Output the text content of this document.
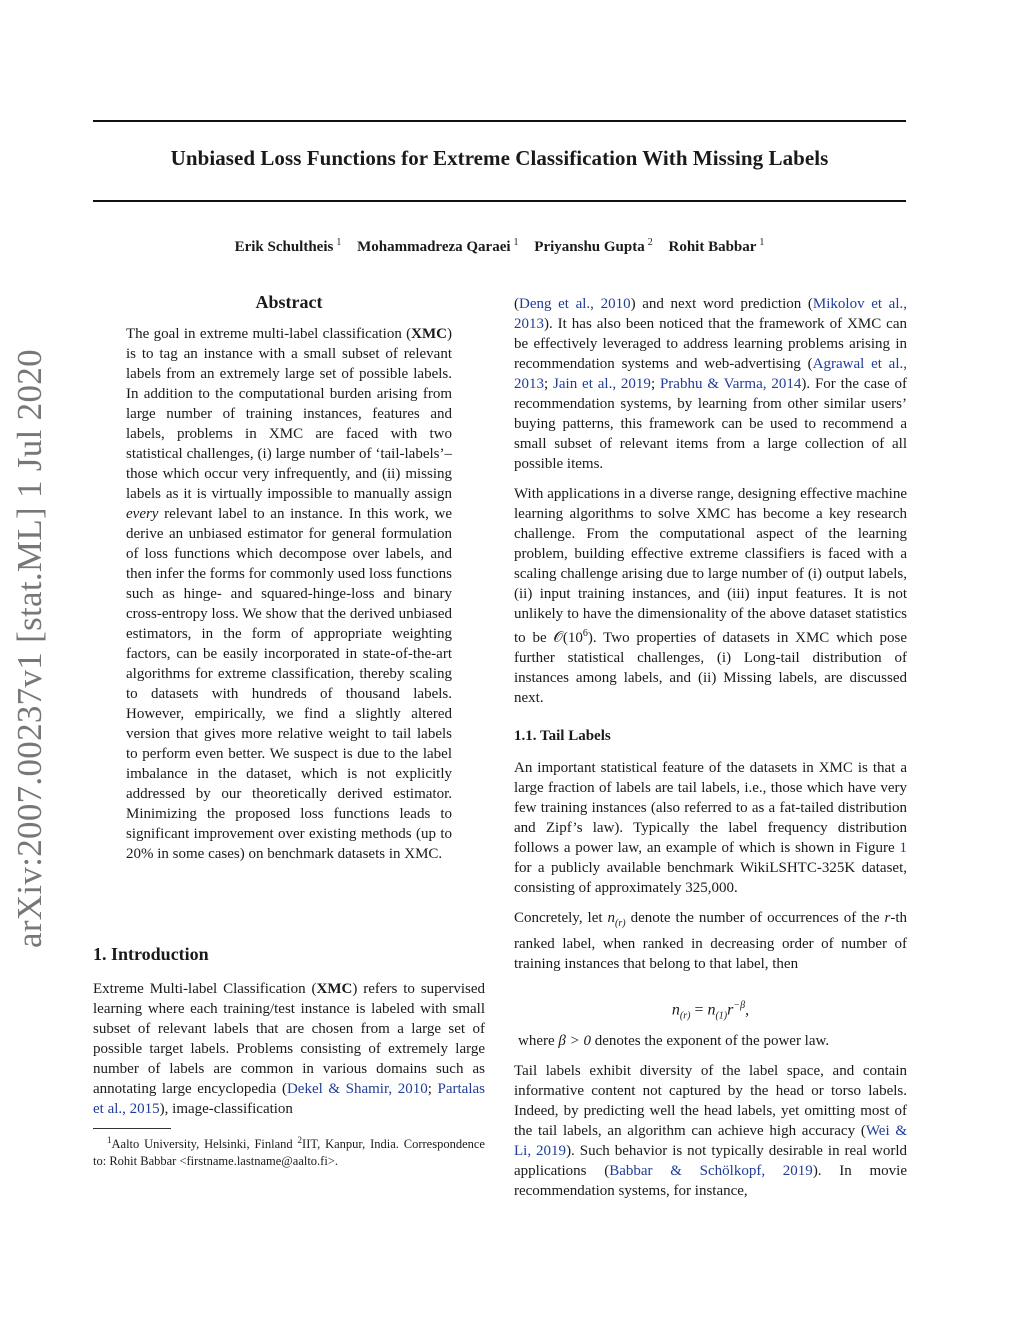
arXiv:2007.00237v1 [stat.ML] 1 Jul 2020
Unbiased Loss Functions for Extreme Classification With Missing Labels
Erik Schultheis $^1$ Mohammadreza Qaraei $^1$ Priyanshu Gupta $^2$ Rohit Babbar $^1$
Abstract

The goal in extreme multi-label classification (XMC) is to tag an instance with a small subset of relevant labels from an extremely large set of possible labels. In addition to the computational burden arising from large number of training instances, features and labels, problems in XMC are faced with two statistical challenges, (i) large number of ‘tail-labels’– those which occur very infrequently, and (ii) missing labels as it is virtually impossible to manually assign every relevant label to an instance. In this work, we derive an unbiased estimator for general formulation of loss functions which decompose over labels, and then infer the forms for commonly used loss functions such as hinge- and squared-hinge-loss and binary cross-entropy loss. We show that the derived unbiased estimators, in the form of appropriate weighting factors, can be easily incorporated in state-of-the-art algorithms for extreme classification, thereby scaling to datasets with hundreds of thousand labels. However, empirically, we find a slightly altered version that gives more relative weight to tail labels to perform even better. We suspect is due to the label imbalance in the dataset, which is not explicitly addressed by our theoretically derived estimator. Minimizing the proposed loss functions leads to significant improvement over existing methods (up to 20% in some cases) on benchmark datasets in XMC.

1. Introduction

Extreme Multi-label Classification (XMC) refers to supervised learning where each training/test instance is labeled with small subset of relevant labels that are chosen from a large set of possible target labels. Problems consisting of extremely large number of labels are common in various domains such as annotating large encyclopedia (Dekel & Shamir, 2010; Partalas et al., 2015), image-classification

$^1$Aalto University, Helsinki, Finland $^2$IIT, Kanpur, India. Correspondence to: Rohit Babbar <firstname.lastname@aalto.fi>.

(Deng et al., 2010) and next word prediction (Mikolov et al., 2013). It has also been noticed that the framework of XMC can be effectively leveraged to address learning problems arising in recommendation systems and web-advertising (Agrawal et al., 2013; Jain et al., 2019; Prabhu & Varma, 2014). For the case of recommendation systems, by learning from other similar users’ buying patterns, this framework can be used to recommend a small subset of relevant items from a large collection of all possible items.

With applications in a diverse range, designing effective machine learning algorithms to solve XMC has become a key research challenge. From the computational aspect of the learning problem, building effective extreme classifiers is faced with a scaling challenge arising due to large number of (i) output labels, (ii) input training instances, and (iii) input features. It is not unlikely to have the dimensionality of the above dataset statistics to be $𝒪(10^6)$. Two properties of datasets in XMC which pose further statistical challenges, (i) Long-tail distribution of instances among labels, and (ii) Missing labels, are discussed next.

1.1. Tail Labels

An important statistical feature of the datasets in XMC is that a large fraction of labels are tail labels, i.e., those which have very few training instances (also referred to as a fat-tailed distribution and Zipf’s law). Typically the label frequency distribution follows a power law, an example of which is shown in Figure 1 for a publicly available benchmark WikiLSHTC-325K dataset, consisting of approximately 325,000.

Concretely, let $n_{(r)}$ denote the number of occurrences of the r-th ranked label, when ranked in decreasing order of number of training instances that belong to that label, then

$n_{(r)} = n_{(1)}r^{-\beta}$,

where β > 0 denotes the exponent of the power law.

Tail labels exhibit diversity of the label space, and contain informative content not captured by the head or torso labels. Indeed, by predicting well the head labels, yet omitting most of the tail labels, an algorithm can achieve high accuracy (Wei & Li, 2019). Such behavior is not typically desirable in real world applications (Babbar & Schölkopf, 2019). In movie recommendation systems, for instance,
